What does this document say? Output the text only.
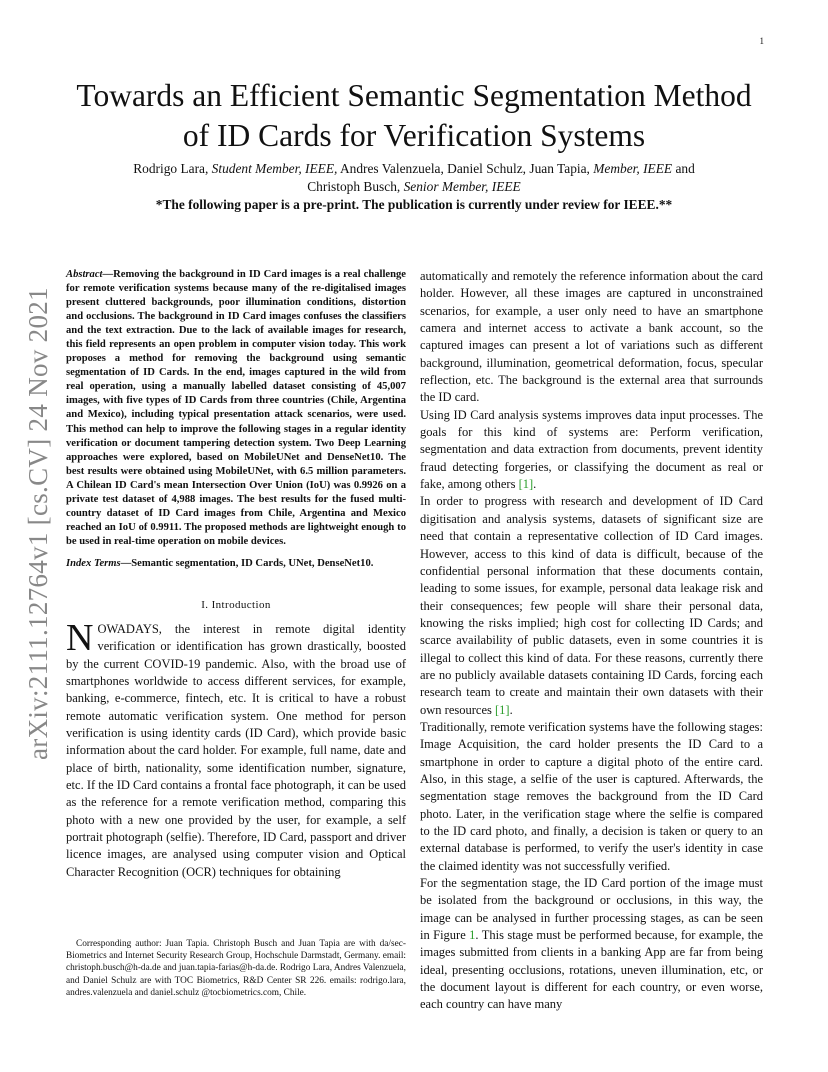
1
arXiv:2111.12764v1 [cs.CV] 24 Nov 2021
Towards an Efficient Semantic Segmentation Method of ID Cards for Verification Systems
Rodrigo Lara, Student Member, IEEE, Andres Valenzuela, Daniel Schulz, Juan Tapia, Member, IEEE and
Christoph Busch, Senior Member, IEEE
*The following paper is a pre-print. The publication is currently under review for IEEE.**

Abstract—Removing the background in ID Card images is a real challenge for remote verification systems because many of the re-digitalised images present cluttered backgrounds, poor illumination conditions, distortion and occlusions. The background in ID Card images confuses the classifiers and the text extraction. Due to the lack of available images for research, this field represents an open problem in computer vision today. This work proposes a method for removing the background using semantic segmentation of ID Cards. In the end, images captured in the wild from real operation, using a manually labelled dataset consisting of 45,007 images, with five types of ID Cards from three countries (Chile, Argentina and Mexico), including typical presentation attack scenarios, were used. This method can help to improve the following stages in a regular identity verification or document tampering detection system. Two Deep Learning approaches were explored, based on MobileUNet and DenseNet10. The best results were obtained using MobileUNet, with 6.5 million parameters. A Chilean ID Card's mean Intersection Over Union (IoU) was 0.9926 on a private test dataset of 4,988 images. The best results for the fused multi-country dataset of ID Card images from Chile, Argentina and Mexico reached an IoU of 0.9911. The proposed methods are lightweight enough to be used in real-time operation on mobile devices.

Index Terms—Semantic segmentation, ID Cards, UNet, DenseNet10.

I. Introduction

NOWADAYS, the interest in remote digital identity verification or identification has grown drastically, boosted by the current COVID-19 pandemic. Also, with the broad use of smartphones worldwide to access different services, for example, banking, e-commerce, fintech, etc. It is critical to have a robust remote automatic verification system. One method for person verification is using identity cards (ID Card), which provide basic information about the card holder. For example, full name, date and place of birth, nationality, some identification number, signature, etc. If the ID Card contains a frontal face photograph, it can be used as the reference for a remote verification method, comparing this photo with a new one provided by the user, for example, a self portrait photograph (selfie). Therefore, ID Card, passport and driver licence images, are analysed using computer vision and Optical Character Recognition (OCR) techniques for obtaining

Corresponding author: Juan Tapia. Christoph Busch and Juan Tapia are with da/sec-Biometrics and Internet Security Research Group, Hochschule Darmstadt, Germany. email: christoph.busch@h-da.de and juan.tapia-farias@h-da.de. Rodrigo Lara, Andres Valenzuela, and Daniel Schulz are with TOC Biometrics, R&D Center SR 226. emails: rodrigo.lara, andres.valenzuela and daniel.schulz @tocbiometrics.com, Chile.

automatically and remotely the reference information about the card holder. However, all these images are captured in unconstrained scenarios, for example, a user only need to have an smartphone camera and internet access to activate a bank account, so the captured images can present a lot of variations such as different background, illumination, geometrical deformation, focus, specular reflection, etc. The background is the external area that surrounds the ID card.

Using ID Card analysis systems improves data input processes. The goals for this kind of systems are: Perform verification, segmentation and data extraction from documents, prevent identity fraud detecting forgeries, or classifying the document as real or fake, among others [1].

In order to progress with research and development of ID Card digitisation and analysis systems, datasets of significant size are need that contain a representative collection of ID Card images. However, access to this kind of data is difficult, because of the confidential personal information that these documents contain, leading to some issues, for example, personal data leakage risk and their consequences; few people will share their personal data, knowing the risks implied; high cost for collecting ID Cards; and scarce availability of public datasets, even in some countries it is illegal to collect this kind of data. For these reasons, currently there are no publicly available datasets containing ID Cards, forcing each research team to create and maintain their own datasets with their own resources [1].

Traditionally, remote verification systems have the following stages: Image Acquisition, the card holder presents the ID Card to a smartphone in order to capture a digital photo of the entire card. Also, in this stage, a selfie of the user is captured. Afterwards, the segmentation stage removes the background from the ID Card photo. Later, in the verification stage where the selfie is compared to the ID card photo, and finally, a decision is taken or query to an external database is performed, to verify the user's identity in case the claimed identity was not successfully verified.

For the segmentation stage, the ID Card portion of the image must be isolated from the background or occlusions, in this way, the image can be analysed in further processing stages, as can be seen in Figure 1. This stage must be performed because, for example, the images submitted from clients in a banking App are far from being ideal, presenting occlusions, rotations, uneven illumination, etc, or the document layout is different for each country, or even worse, each country can have many
